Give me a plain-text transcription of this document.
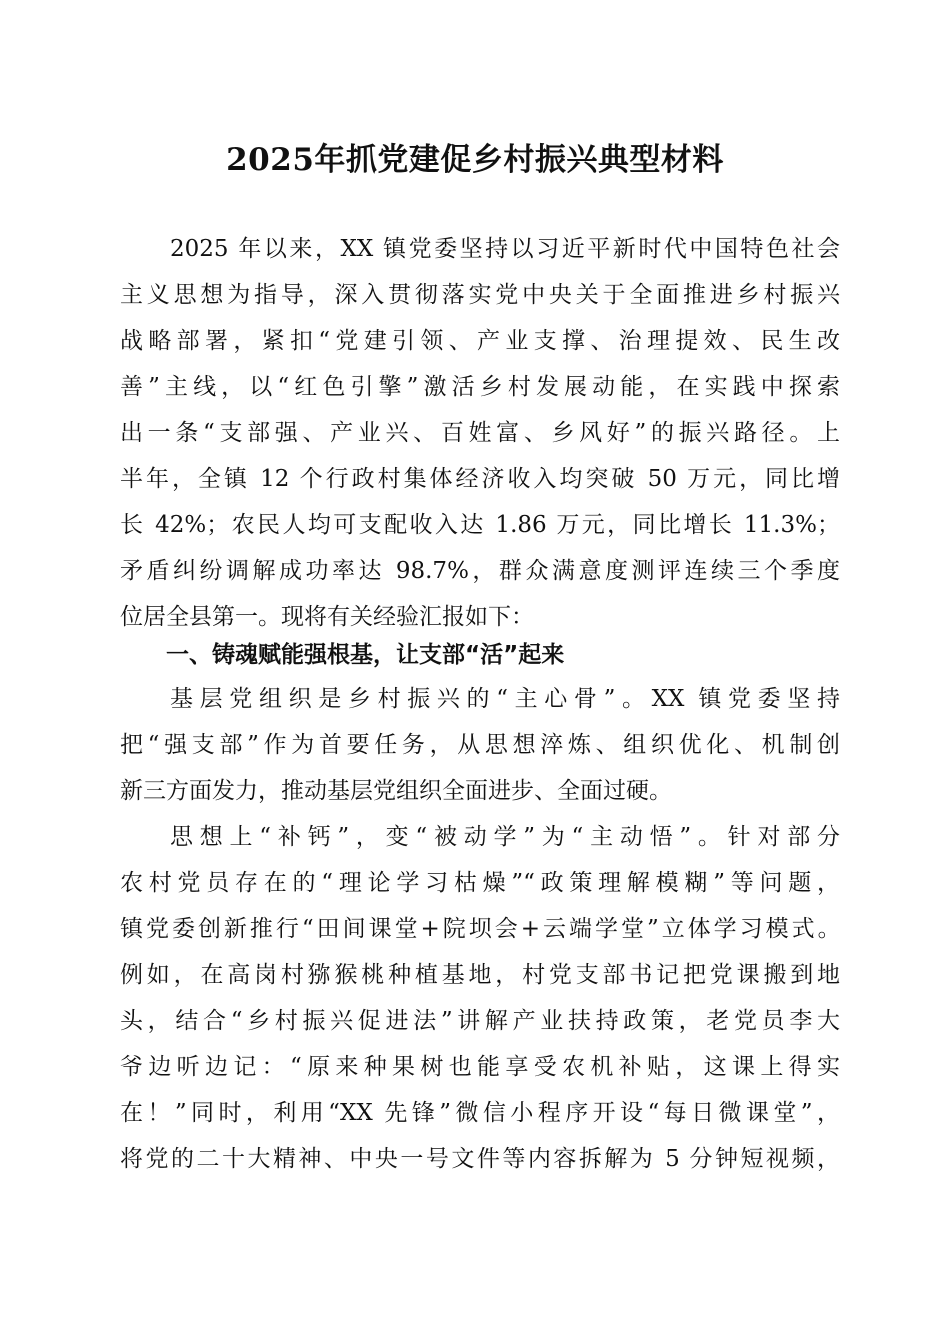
2025年抓党建促乡村振兴典型材料
2025 年以来，XX 镇党委坚持以习近平新时代中国特色社会
主义思想为指导，深入贯彻落实党中央关于全面推进乡村振兴
战略部署，紧扣“党建引领、产业支撑、治理提效、民生改
善”主线，以“红色引擎”激活乡村发展动能，在实践中探索
出一条“支部强、产业兴、百姓富、乡风好”的振兴路径。上
半年，全镇 12 个行政村集体经济收入均突破 50 万元，同比增
长 42%；农民人均可支配收入达 1.86 万元，同比增长 11.3%；
矛盾纠纷调解成功率达 98.7%，群众满意度测评连续三个季度
位居全县第一。现将有关经验汇报如下：
一、铸魂赋能强根基，让支部“活”起来
基层党组织是乡村振兴的“主心骨”。XX 镇党委坚持
把“强支部”作为首要任务，从思想淬炼、组织优化、机制创
新三方面发力，推动基层党组织全面进步、全面过硬。
思想上“补钙”，变“被动学”为“主动悟”。针对部分
农村党员存在的“理论学习枯燥”“政策理解模糊”等问题，
镇党委创新推行“田间课堂+院坝会+云端学堂”立体学习模式。
例如，在高岗村猕猴桃种植基地，村党支部书记把党课搬到地
头，结合“乡村振兴促进法”讲解产业扶持政策，老党员李大
爷边听边记：“原来种果树也能享受农机补贴，这课上得实
在！”同时，利用“XX 先锋”微信小程序开设“每日微课堂”，
将党的二十大精神、中央一号文件等内容拆解为 5 分钟短视频，
